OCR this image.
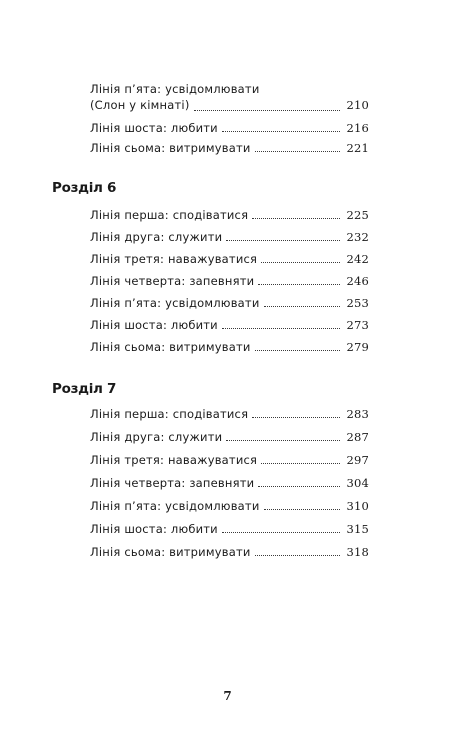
Лінія п’ята: усвідомлювати
(Слон у кімнаті)	210
Лінія шоста: любити	216
Лінія сьома: витримувати	221
Розділ 6
Лінія перша: сподіватися	225
Лінія друга: служити	232
Лінія третя: наважуватися	242
Лінія четверта: запевняти	246
Лінія п’ята: усвідомлювати	253
Лінія шоста: любити	273
Лінія сьома: витримувати	279
Розділ 7
Лінія перша: сподіватися	283
Лінія друга: служити	287
Лінія третя: наважуватися	297
Лінія четверта: запевняти	304
Лінія п’ята: усвідомлювати	310
Лінія шоста: любити	315
Лінія сьома: витримувати	318
7
